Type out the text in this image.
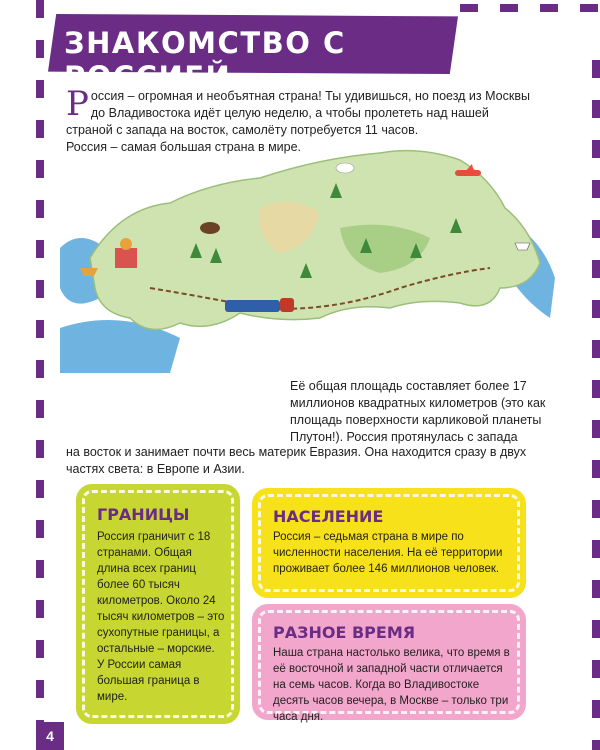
ЗНАКОМСТВО С РОССИЕЙ
Россия – огромная и необъятная страна! Ты удивишься, но поезд из Москвы до Владивостока идёт целую неделю, а чтобы пролететь над нашей страной с запада на восток, самолёту потребуется 11 часов.
Россия – самая большая страна в мире.
Её общая площадь составляет более 17 миллионов квадратных километров (это как площадь поверхности карликовой планеты Плутон!). Россия протянулась с запада
на восток и занимает почти весь материк Евразия. Она находится сразу в двух частях света: в Европе и Азии.
ГРАНИЦЫ

Россия граничит с 18 странами. Общая длина всех границ более 60 тысяч километров. Около 24 тысяч километров – это сухопутные границы, а остальные – морские. У России самая большая граница в мире.

НАСЕЛЕНИЕ

Россия – седьмая страна в мире по численности населения. На её территории проживает более 146 миллионов человек.

РАЗНОЕ ВРЕМЯ

Наша страна настолько велика, что время в её восточной и западной части отличается на семь часов. Когда во Владивостоке десять часов вечера, в Москве – только три часа дня.

4
